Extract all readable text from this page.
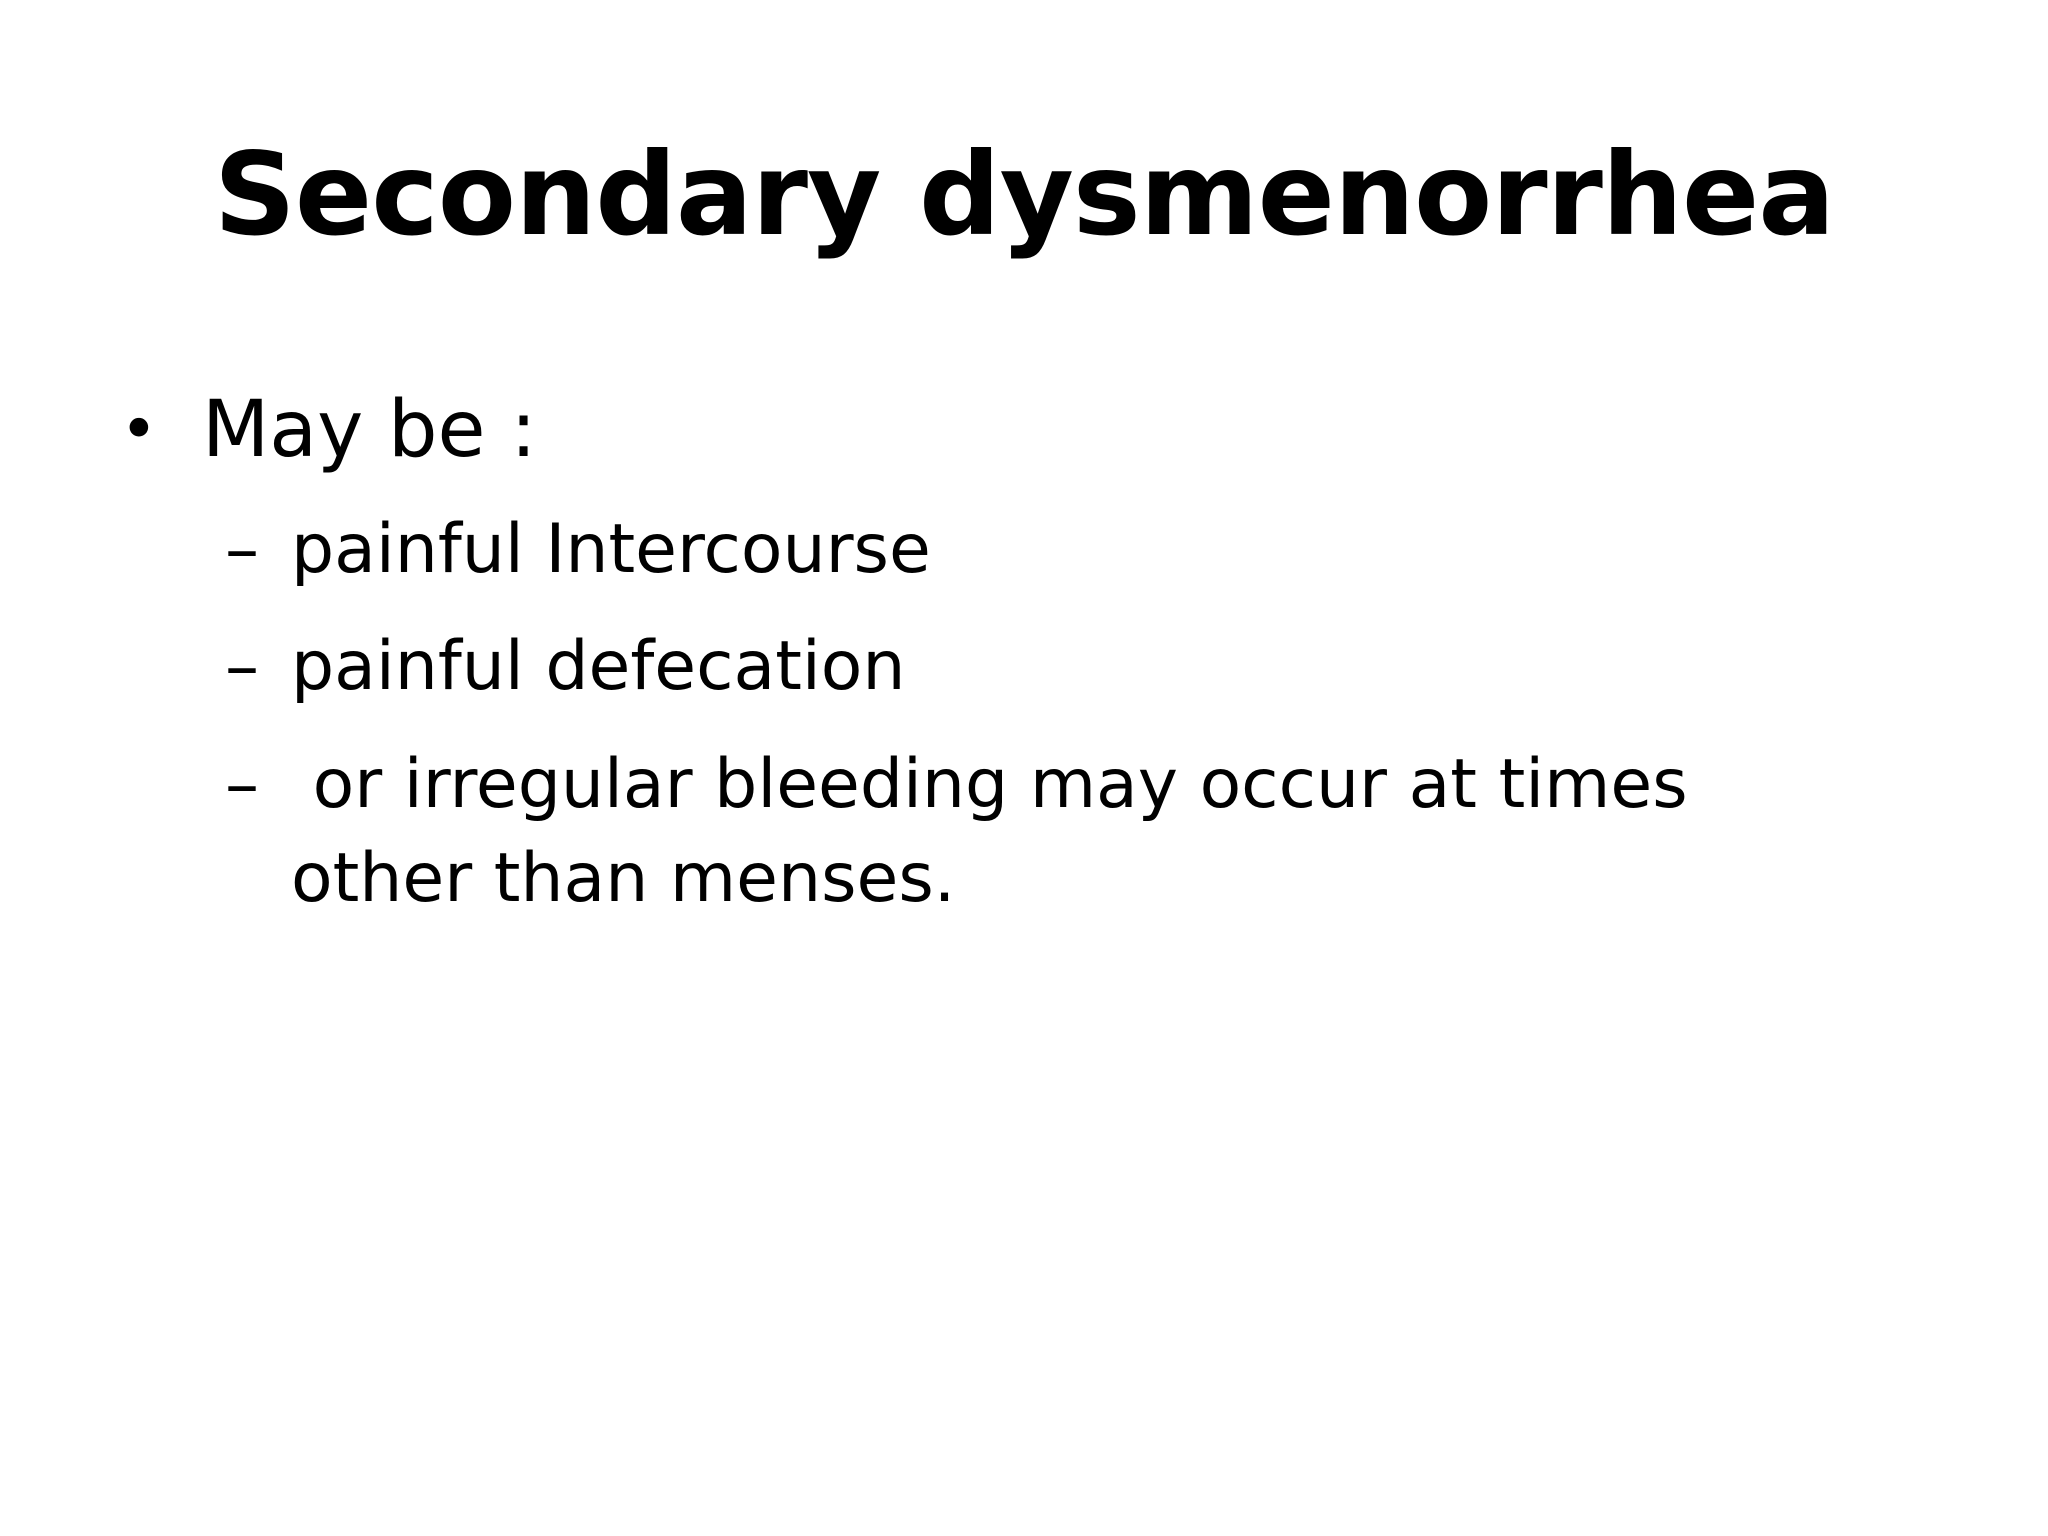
Secondary dysmenorrhea
• May be :
– painful Intercourse
– painful defecation
– or irregular bleeding may occur at times other than menses.
